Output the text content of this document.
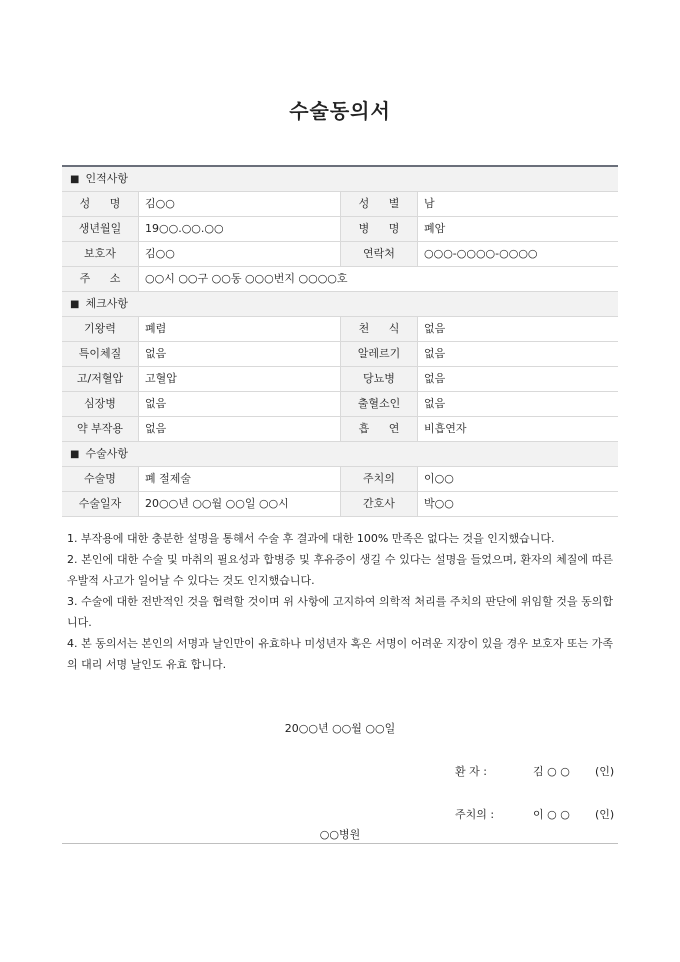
수술동의서
■ 인적사항
성 명	김○○	성 별	남
생년월일	19○○.○○.○○	병 명	폐암
보호자	김○○	연락처	○○○-○○○○-○○○○
주 소	○○시 ○○구 ○○동 ○○○번지 ○○○○호
■ 체크사항
기왕력	폐렴	천 식	없음
특이체질	없음	알레르기	없음
고/저혈압	고혈압	당뇨병	없음
심장병	없음	출혈소인	없음
약 부작용	없음	흡 연	비흡연자
■ 수술사항
수술명	폐 절제술	주치의	이○○
수술일자	20○○년 ○○월 ○○일 ○○시	간호사	박○○

1. 부작용에 대한 충분한 설명을 통해서 수술 후 결과에 대한 100% 만족은 없다는 것을 인지했습니다.

2. 본인에 대한 수술 및 마취의 필요성과 합병증 및 후유증이 생길 수 있다는 설명을 들었으며, 환자의 체질에 따른 우발적 사고가 일어날 수 있다는 것도 인지했습니다.

3. 수술에 대한 전반적인 것을 협력할 것이며 위 사항에 고지하여 의학적 처리를 주치의 판단에 위임할 것을 동의합니다.

4. 본 동의서는 본인의 서명과 날인만이 유효하나 미성년자 혹은 서명이 어려운 지장이 있을 경우 보호자 또는 가족의 대리 서명 날인도 유효 합니다.

20○○년 ○○월 ○○일
환 자 :	김 ○ ○	(인)
주치의 :	이 ○ ○	(인)
○○병원
